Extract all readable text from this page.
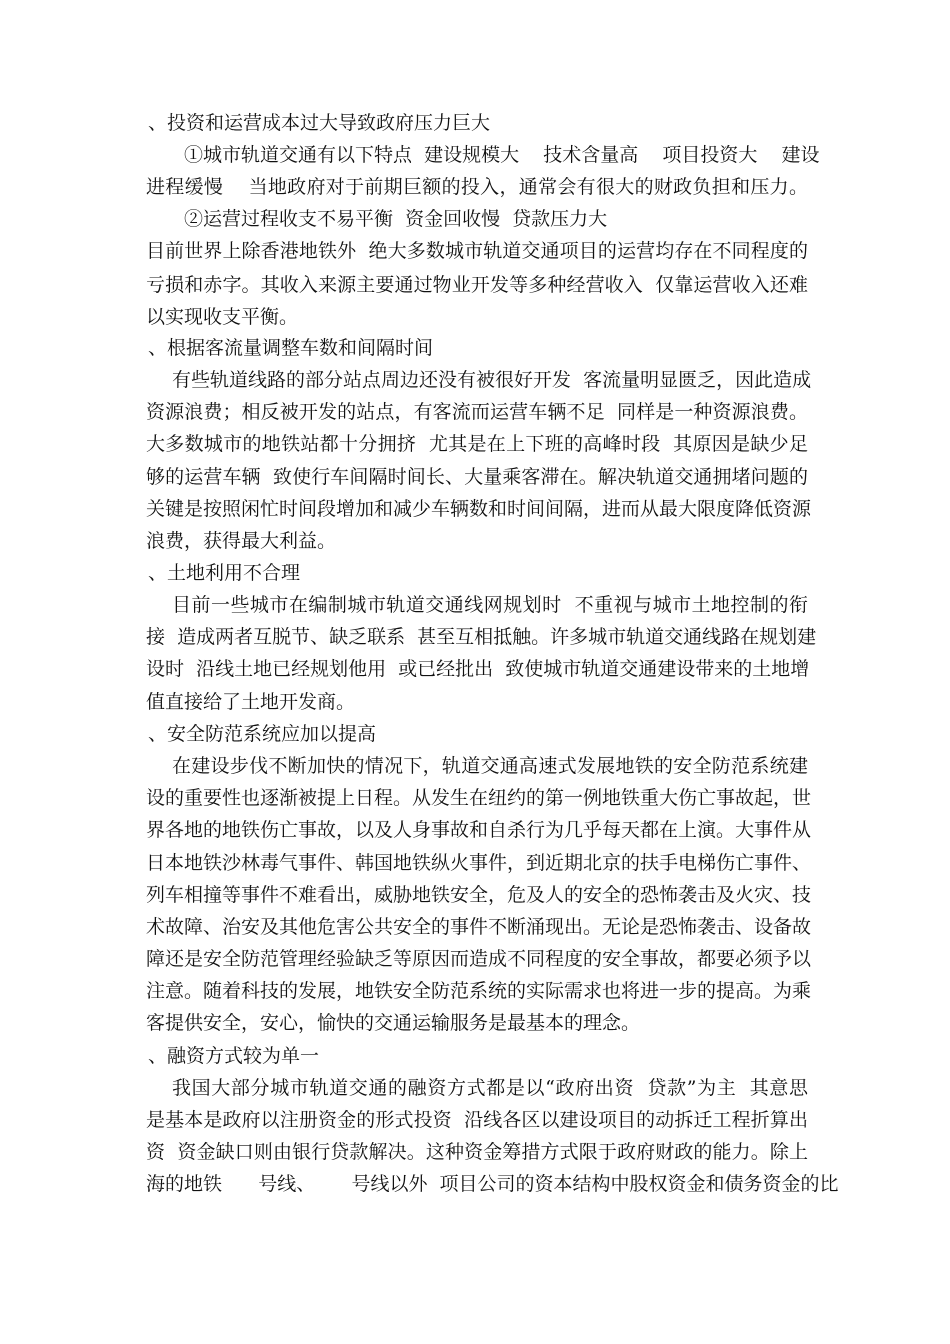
、投资和运营成本过大导致政府压力巨大

①城市轨道交通有以下特点  建设规模大    技术含量高    项目投资大    建设

进程缓慢    当地政府对于前期巨额的投入，通常会有很大的财政负担和压力。

②运营过程收支不易平衡  资金回收慢  贷款压力大

目前世界上除香港地铁外  绝大多数城市轨道交通项目的运营均存在不同程度的

亏损和赤字。其收入来源主要通过物业开发等多种经营收入  仅靠运营收入还难

以实现收支平衡。

、根据客流量调整车数和间隔时间

有些轨道线路的部分站点周边还没有被很好开发  客流量明显匮乏，因此造成

资源浪费；相反被开发的站点，有客流而运营车辆不足  同样是一种资源浪费。

大多数城市的地铁站都十分拥挤  尤其是在上下班的高峰时段  其原因是缺少足

够的运营车辆  致使行车间隔时间长、大量乘客滞在。解决轨道交通拥堵问题的

关键是按照闲忙时间段增加和减少车辆数和时间间隔，进而从最大限度降低资源

浪费，获得最大利益。

、土地利用不合理

目前一些城市在编制城市轨道交通线网规划时  不重视与城市土地控制的衔

接  造成两者互脱节、缺乏联系  甚至互相抵触。许多城市轨道交通线路在规划建

设时  沿线土地已经规划他用  或已经批出  致使城市轨道交通建设带来的土地增

值直接给了土地开发商。

、安全防范系统应加以提高

在建设步伐不断加快的情况下，轨道交通高速式发展地铁的安全防范系统建

设的重要性也逐渐被提上日程。从发生在纽约的第一例地铁重大伤亡事故起，世

界各地的地铁伤亡事故，以及人身事故和自杀行为几乎每天都在上演。大事件从

日本地铁沙林毒气事件、韩国地铁纵火事件，到近期北京的扶手电梯伤亡事件、

列车相撞等事件不难看出，威胁地铁安全，危及人的安全的恐怖袭击及火灾、技

术故障、治安及其他危害公共安全的事件不断涌现出。无论是恐怖袭击、设备故

障还是安全防范管理经验缺乏等原因而造成不同程度的安全事故，都要必须予以

注意。随着科技的发展，地铁安全防范系统的实际需求也将进一步的提高。为乘

客提供安全，安心，愉快的交通运输服务是最基本的理念。

、融资方式较为单一

我国大部分城市轨道交通的融资方式都是以“政府出资  贷款”为主  其意思

是基本是政府以注册资金的形式投资  沿线各区以建设项目的动拆迁工程折算出

资  资金缺口则由银行贷款解决。这种资金筹措方式限于政府财政的能力。除上

海的地铁      号线、      号线以外  项目公司的资本结构中股权资金和债务资金的比
